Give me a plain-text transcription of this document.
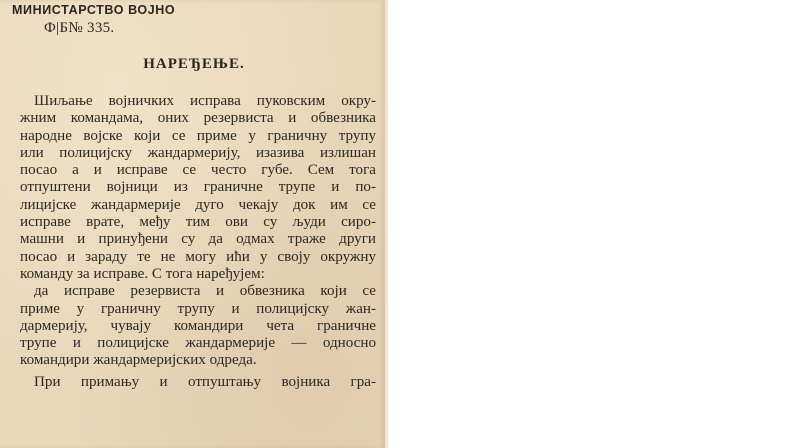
МИНИСТАРСТВО ВОЈНО

Ф|Б№ 335.

НАРЕЂЕЊЕ.
Шиљање војничких исправа пуковским окру-
жним командама, оних резервиста и обвезника
народне војске који се приме у граничну трупу
или полицијску жандармерију, изазива излишан
посао а и исправе се често губе. Сем тога
отпуштени војници из граничне трупе и по-
лицијске жандармерије дуго чекају док им се
исправе врате, међу тим ови су људи сиро-
машни и принуђени су да одмах траже други
посао и зараду те не могу ићи у своју окружну
команду за исправе. С тога наређујем:
да исправе резервиста и обвезника који се
приме у граничну трупу и полицијску жан-
дармерију, чувају командири чета граничне
трупе и полицијске жандармерије — односно
командири жандармеријских одреда.
При примању и отпуштању војника гра-
